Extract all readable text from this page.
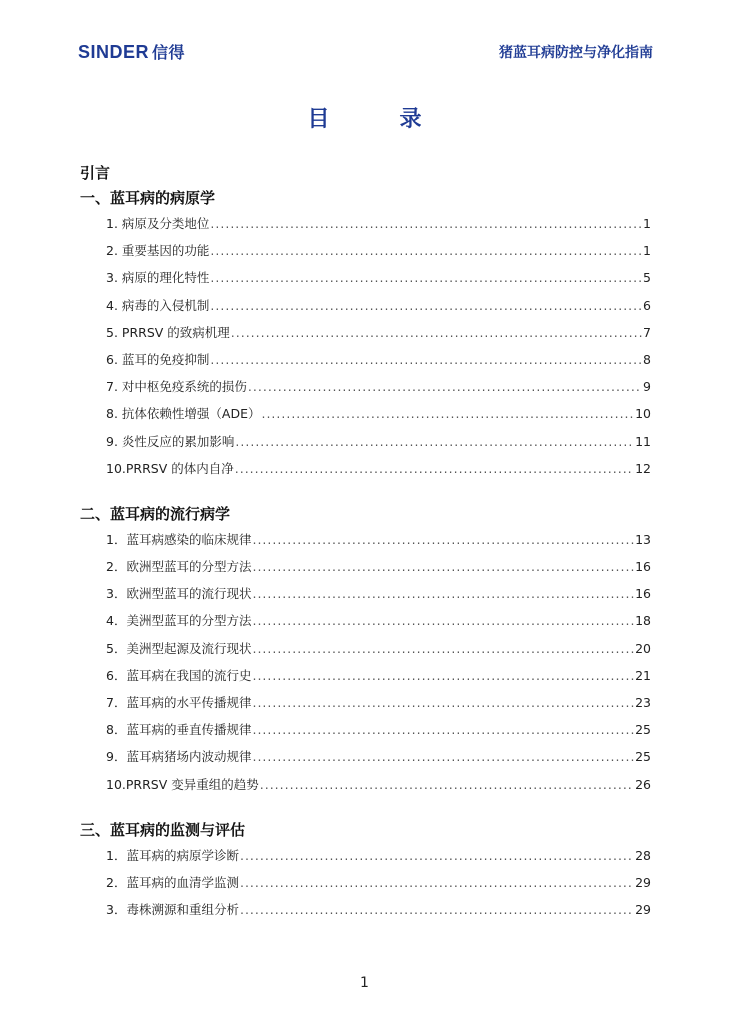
SINDER 信得	猪蓝耳病防控与净化指南
目录
引言
一、蓝耳病的病原学
1. 病原及分类地位 .....	1
2. 重要基因的功能 .....	1
3. 病原的理化特性 .....	5
4. 病毒的入侵机制 .....	6
5. PRRSV 的致病机理 .....	7
6. 蓝耳的免疫抑制 .....	8
7. 对中枢免疫系统的损伤 .....	9
8. 抗体依赖性增强（ADE） .....	10
9. 炎性反应的累加影响 .....	11
10. PRRSV 的体内自净 .....	12
二、蓝耳病的流行病学
1． 蓝耳病感染的临床规律 .....	13
2． 欧洲型蓝耳的分型方法 .....	16
3． 欧洲型蓝耳的流行现状 .....	16
4． 美洲型蓝耳的分型方法 .....	18
5． 美洲型起源及流行现状 .....	20
6． 蓝耳病在我国的流行史 .....	21
7． 蓝耳病的水平传播规律 .....	23
8． 蓝耳病的垂直传播规律 .....	25
9． 蓝耳病猪场内波动规律 .....	25
10. PRRSV 变异重组的趋势 .....	26
三、蓝耳病的监测与评估
1． 蓝耳病的病原学诊断 .....	28
2． 蓝耳病的血清学监测 .....	29
3． 毒株溯源和重组分析 .....	29
1
